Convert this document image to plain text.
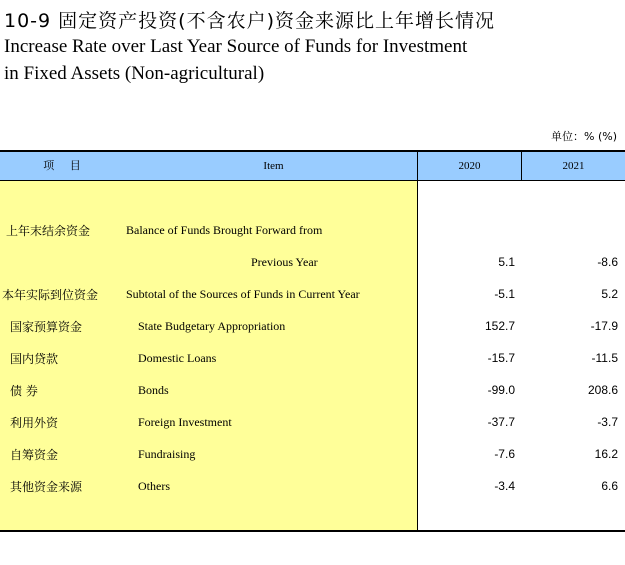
10-9 固定资产投资(不含农户)资金来源比上年增长情况
Increase Rate over Last Year Source of Funds for Investment
in Fixed Assets (Non-agricultural)
单位：% (%)
项 目	Item	2020	2021
上年末结余资金	Balance of Funds Brought Forward from
Previous Year	5.1	-8.6
本年实际到位资金 Subtotal of the Sources of Funds in Current Year	-5.1	5.2
国家预算资金	State Budgetary Appropriation	152.7	-17.9
国内贷款	Domestic Loans	-15.7	-11.5
债 券	Bonds	-99.0	208.6
利用外资	Foreign Investment	-37.7	-3.7
自筹资金	Fundraising	-7.6	16.2
其他资金来源	Others	-3.4	6.6
